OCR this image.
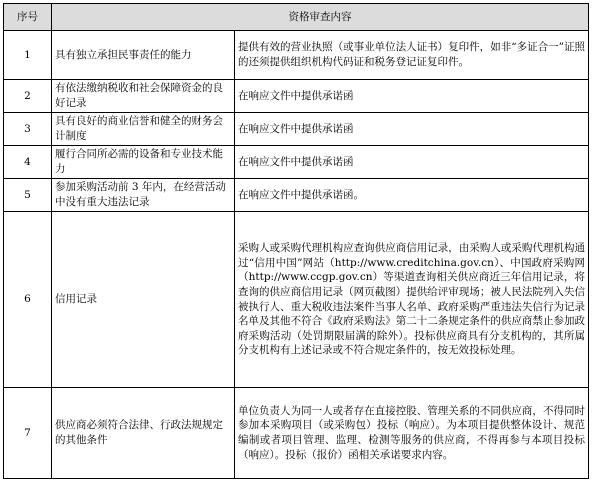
序号	资格审查内容	
1	具有独立承担民事责任的能力	提供有效的营业执照（或事业单位法人证书）复印件，如非“多证合一”证照的还须提供组织机构代码证和税务登记证复印件。
2	有依法缴纳税收和社会保障资金的良好记录	在响应文件中提供承诺函
3	具有良好的商业信誉和健全的财务会计制度	在响应文件中提供承诺函
4	履行合同所必需的设备和专业技术能力	在响应文件中提供承诺函
5	参加采购活动前 3 年内，在经营活动中没有重大违法记录	在响应文件中提供承诺函。
6	信用记录	采购人或采购代理机构应查询供应商信用记录，由采购人或采购代理机构通过“信用中国”网站（http://www.creditchina.gov.cn）、中国政府采购网（http://www.ccgp.gov.cn）等渠道查询相关供应商近三年信用记录，将查询的供应商信用记录（网页截图）提供给评审现场；被人民法院列入失信被执行人、重大税收违法案件当事人名单、政府采购严重违法失信行为记录名单及其他不符合《政府采购法》第二十二条规定条件的供应商禁止参加政府采购活动（处罚期限届满的除外）。投标供应商具有分支机构的，其所属分支机构有上述记录或不符合规定条件的，按无效投标处理。
7	供应商必须符合法律、行政法规规定的其他条件	单位负责人为同一人或者存在直接控股、管理关系的不同供应商，不得同时参加本采购项目（或采购包）投标（响应）。为本项目提供整体设计、规范编制或者项目管理、监理、检测等服务的供应商，不得再参与本项目投标（响应）。投标（报价）函相关承诺要求内容。
